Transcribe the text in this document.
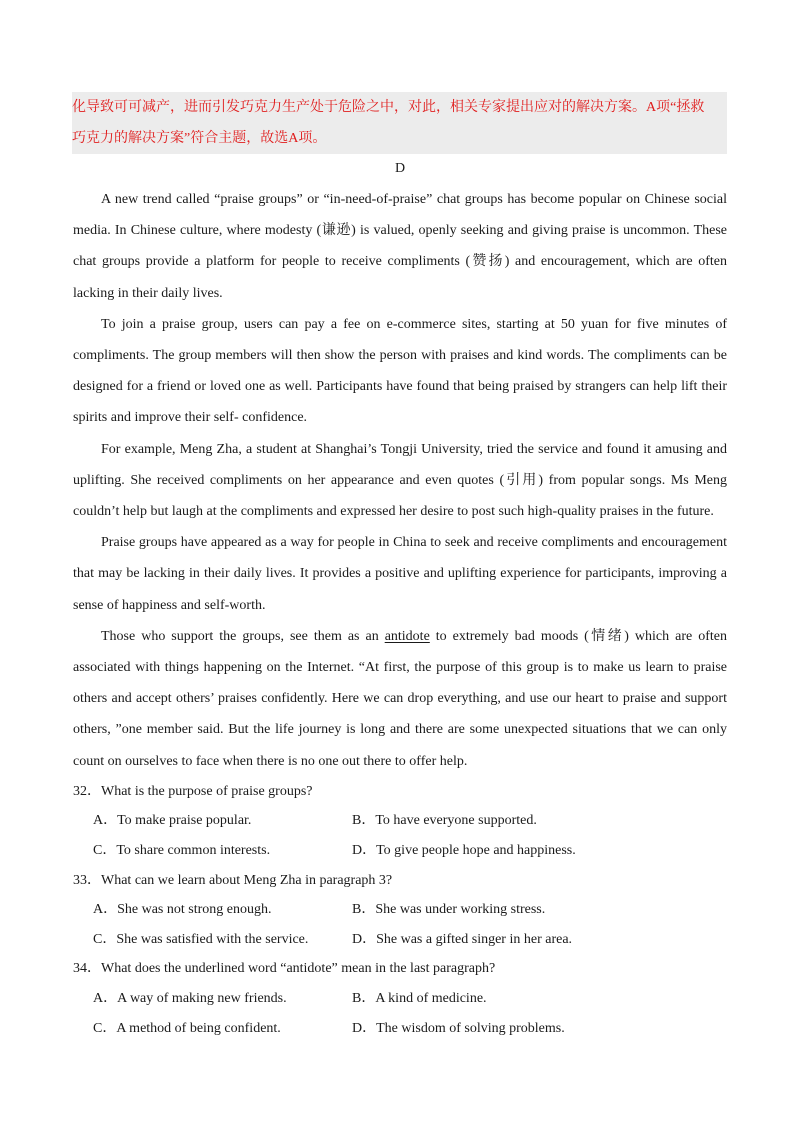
化导致可可减产，进而引发巧克力生产处于危险之中，对此，相关专家提出应对的解决方案。A项“拯救
巧克力的解决方案”符合主题，故选A项。
D

A new trend called “praise groups” or “in-need-of-praise” chat groups has become popular on Chinese social media. In Chinese culture, where modesty (谦逊) is valued, openly seeking and giving praise is uncommon. These chat groups provide a platform for people to receive compliments (赞扬) and encouragement, which are often lacking in their daily lives.

To join a praise group, users can pay a fee on e-commerce sites, starting at 50 yuan for five minutes of compliments. The group members will then show the person with praises and kind words. The compliments can be designed for a friend or loved one as well. Participants have found that being praised by strangers can help lift their spirits and improve their self- confidence.

For example, Meng Zha, a student at Shanghai’s Tongji University, tried the service and found it amusing and uplifting. She received compliments on her appearance and even quotes (引用) from popular songs. Ms Meng couldn’t help but laugh at the compliments and expressed her desire to post such high-quality praises in the future.

Praise groups have appeared as a way for people in China to seek and receive compliments and encouragement that may be lacking in their daily lives. It provides a positive and uplifting experience for participants, improving a sense of happiness and self-worth.

Those who support the groups, see them as an antidote to extremely bad moods (情绪) which are often associated with things happening on the Internet. “At first, the purpose of this group is to make us learn to praise others and accept others’ praises confidently. Here we can drop everything, and use our heart to praise and support others, ”one member said. But the life journey is long and there are some unexpected situations that we can only count on ourselves to face when there is no one out there to offer help.

32．What is the purpose of praise groups?

A．To make praise popular.	B．To have everyone supported.
C．To share common interests.	D．To give people hope and happiness.

33．What can we learn about Meng Zha in paragraph 3?

A．She was not strong enough.	B．She was under working stress.
C．She was satisfied with the service.	D．She was a gifted singer in her area.

34．What does the underlined word “antidote” mean in the last paragraph?

A．A way of making new friends.	B．A kind of medicine.
C．A method of being confident.	D．The wisdom of solving problems.
